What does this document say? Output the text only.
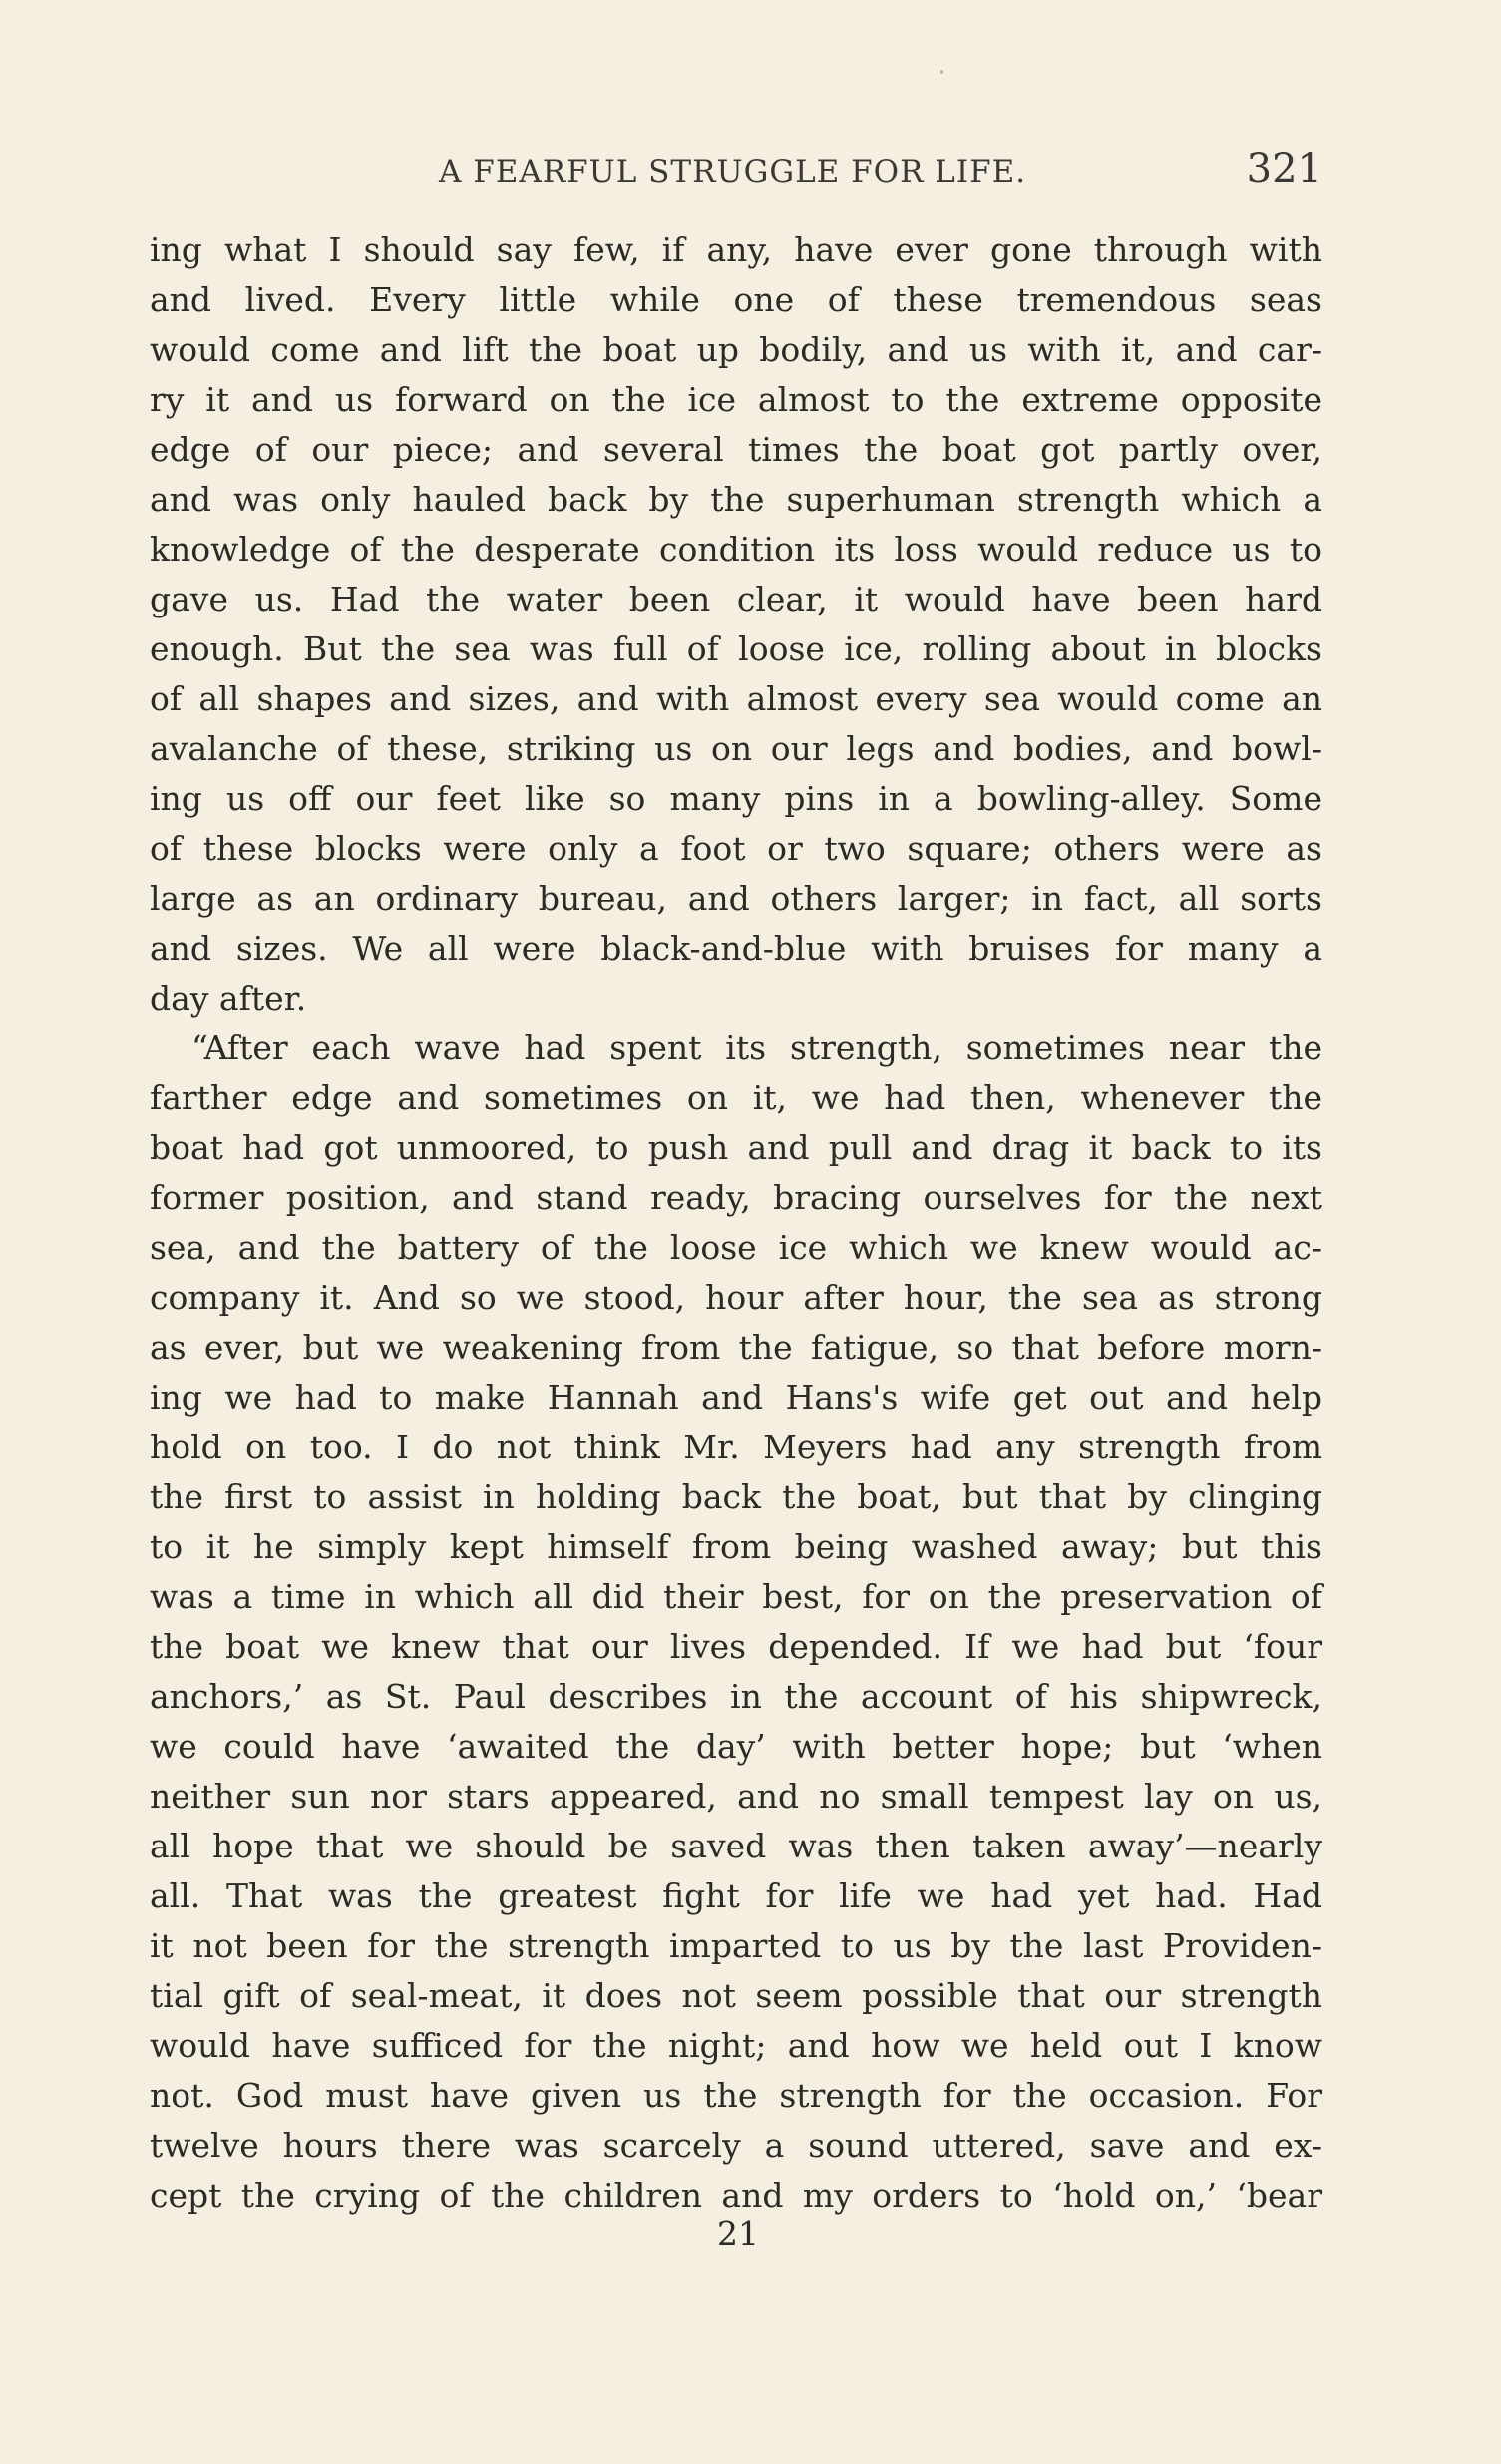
A FEARFUL STRUGGLE FOR LIFE.	321
ing what I should say few, if any, have ever gone through with
and lived. Every little while one of these tremendous seas
would come and lift the boat up bodily, and us with it, and car-
ry it and us forward on the ice almost to the extreme opposite
edge of our piece; and several times the boat got partly over,
and was only hauled back by the superhuman strength which a
knowledge of the desperate condition its loss would reduce us to
gave us. Had the water been clear, it would have been hard
enough. But the sea was full of loose ice, rolling about in blocks
of all shapes and sizes, and with almost every sea would come an
avalanche of these, striking us on our legs and bodies, and bowl-
ing us off our feet like so many pins in a bowling-alley. Some
of these blocks were only a foot or two square; others were as
large as an ordinary bureau, and others larger; in fact, all sorts
and sizes. We all were black-and-blue with bruises for many a
day after.
“After each wave had spent its strength, sometimes near the
farther edge and sometimes on it, we had then, whenever the
boat had got unmoored, to push and pull and drag it back to its
former position, and stand ready, bracing ourselves for the next
sea, and the battery of the loose ice which we knew would ac-
company it. And so we stood, hour after hour, the sea as strong
as ever, but we weakening from the fatigue, so that before morn-
ing we had to make Hannah and Hans's wife get out and help
hold on too. I do not think Mr. Meyers had any strength from
the first to assist in holding back the boat, but that by clinging
to it he simply kept himself from being washed away; but this
was a time in which all did their best, for on the preservation of
the boat we knew that our lives depended. If we had but ‘four
anchors,’ as St. Paul describes in the account of his shipwreck,
we could have ‘awaited the day’ with better hope; but ‘when
neither sun nor stars appeared, and no small tempest lay on us,
all hope that we should be saved was then taken away’—nearly
all. That was the greatest fight for life we had yet had. Had
it not been for the strength imparted to us by the last Providen-
tial gift of seal-meat, it does not seem possible that our strength
would have sufficed for the night; and how we held out I know
not. God must have given us the strength for the occasion. For
twelve hours there was scarcely a sound uttered, save and ex-
cept the crying of the children and my orders to ‘hold on,’ ‘bear
21
